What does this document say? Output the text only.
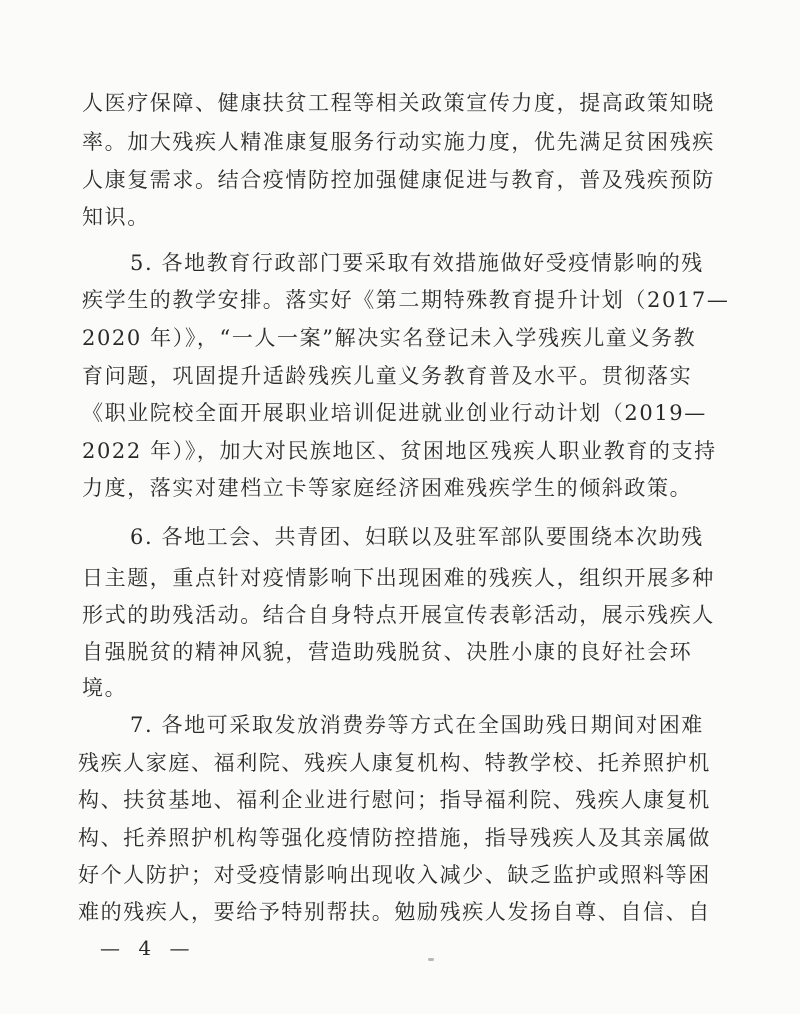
人医疗保障、健康扶贫工程等相关政策宣传力度，提高政策知晓
率。加大残疾人精准康复服务行动实施力度，优先满足贫困残疾
人康复需求。结合疫情防控加强健康促进与教育，普及残疾预防
知识。
5. 各地教育行政部门要采取有效措施做好受疫情影响的残
疾学生的教学安排。落实好《第二期特殊教育提升计划（2017—
2020 年）》，“一人一案”解决实名登记未入学残疾儿童义务教
育问题，巩固提升适龄残疾儿童义务教育普及水平。贯彻落实
《职业院校全面开展职业培训促进就业创业行动计划（2019—
2022 年）》，加大对民族地区、贫困地区残疾人职业教育的支持
力度，落实对建档立卡等家庭经济困难残疾学生的倾斜政策。
6. 各地工会、共青团、妇联以及驻军部队要围绕本次助残
日主题，重点针对疫情影响下出现困难的残疾人，组织开展多种
形式的助残活动。结合自身特点开展宣传表彰活动，展示残疾人
自强脱贫的精神风貌，营造助残脱贫、决胜小康的良好社会环
境。
7. 各地可采取发放消费券等方式在全国助残日期间对困难
残疾人家庭、福利院、残疾人康复机构、特教学校、托养照护机
构、扶贫基地、福利企业进行慰问；指导福利院、残疾人康复机
构、托养照护机构等强化疫情防控措施，指导残疾人及其亲属做
好个人防护；对受疫情影响出现收入减少、缺乏监护或照料等困
难的残疾人，要给予特别帮扶。勉励残疾人发扬自尊、自信、自
— 4 —
